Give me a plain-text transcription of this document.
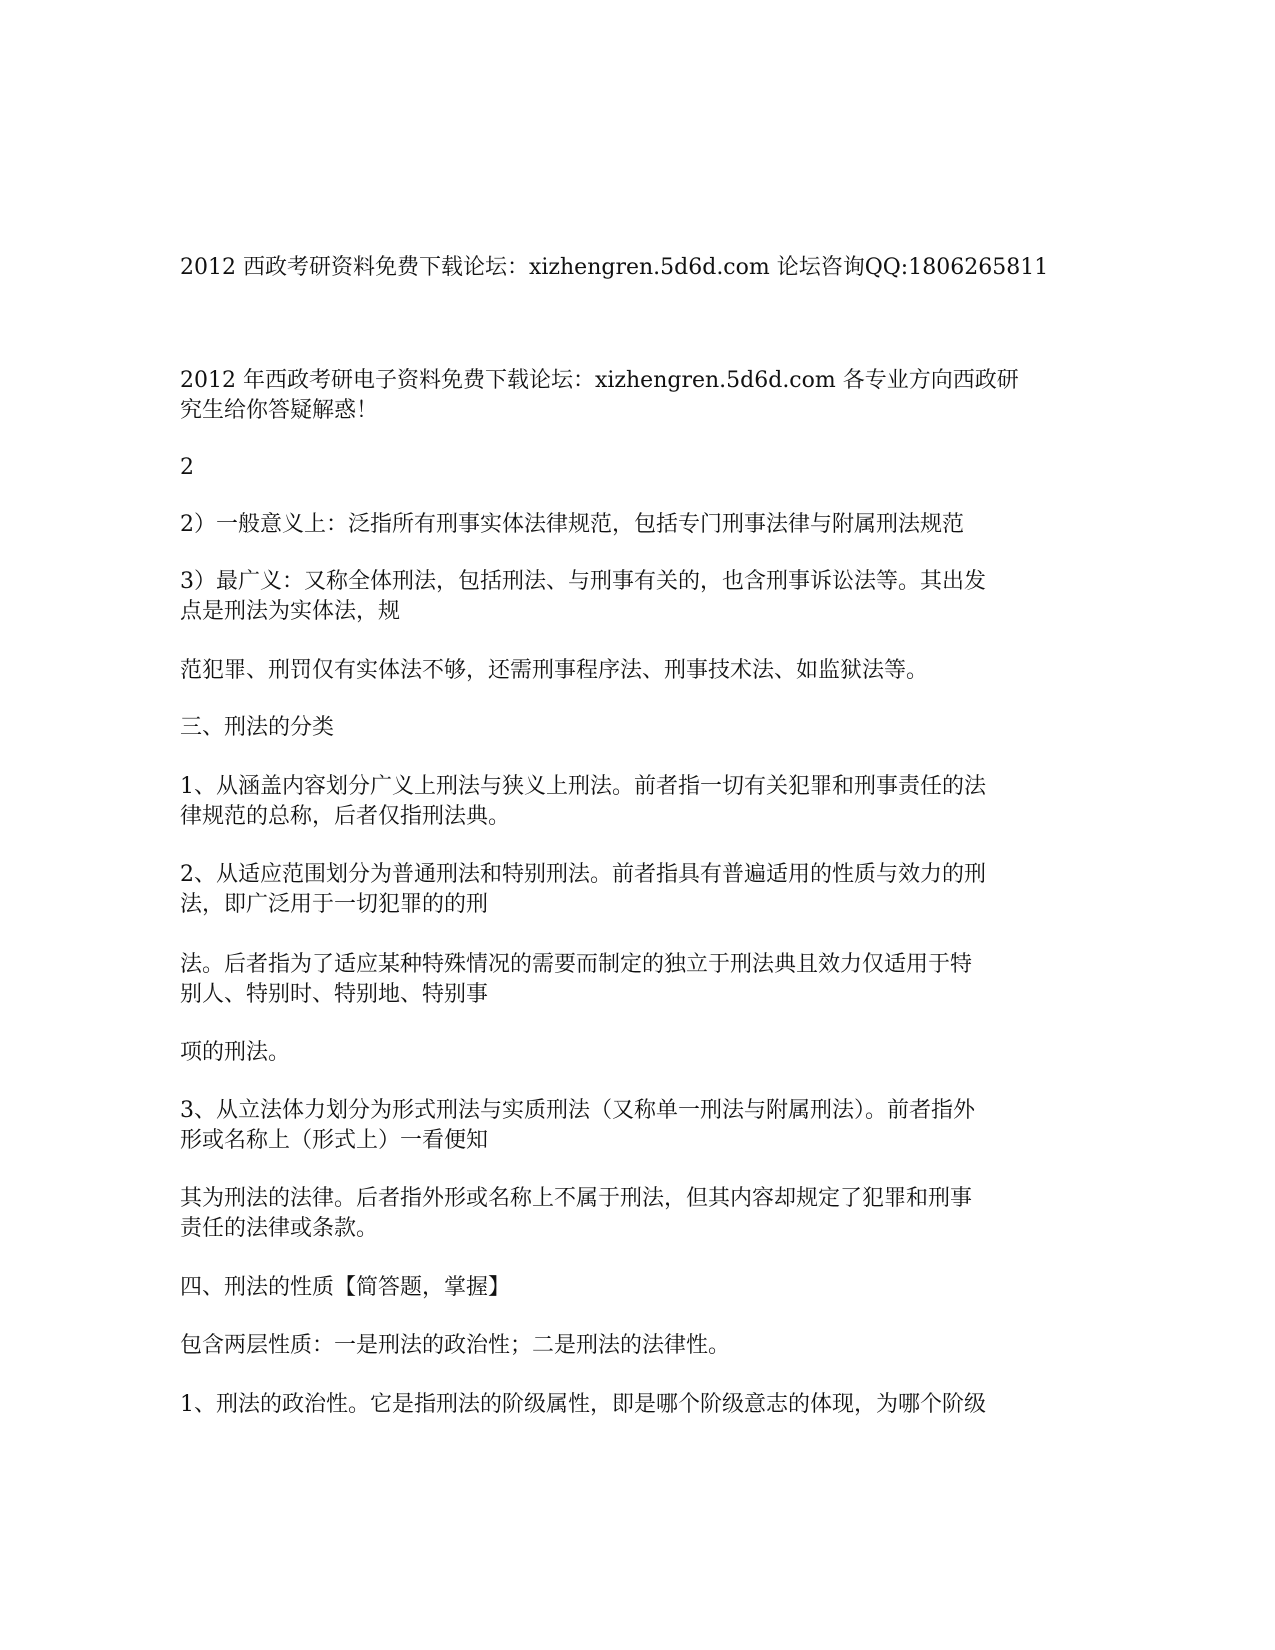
2012 西政考研资料免费下载论坛：xizhengren.5d6d.com 论坛咨询QQ:1806265811
2012 年西政考研电子资料免费下载论坛：xizhengren.5d6d.com 各专业方向西政研
究生给你答疑解惑！
2
2）一般意义上：泛指所有刑事实体法律规范，包括专门刑事法律与附属刑法规范
3）最广义：又称全体刑法，包括刑法、与刑事有关的，也含刑事诉讼法等。其出发
点是刑法为实体法，规
范犯罪、刑罚仅有实体法不够，还需刑事程序法、刑事技术法、如监狱法等。
三、刑法的分类
1、从涵盖内容划分广义上刑法与狭义上刑法。前者指一切有关犯罪和刑事责任的法
律规范的总称，后者仅指刑法典。
2、从适应范围划分为普通刑法和特别刑法。前者指具有普遍适用的性质与效力的刑
法，即广泛用于一切犯罪的的刑
法。后者指为了适应某种特殊情况的需要而制定的独立于刑法典且效力仅适用于特
别人、特别时、特别地、特别事
项的刑法。
3、从立法体力划分为形式刑法与实质刑法（又称单一刑法与附属刑法）。前者指外
形或名称上（形式上）一看便知
其为刑法的法律。后者指外形或名称上不属于刑法，但其内容却规定了犯罪和刑事
责任的法律或条款。
四、刑法的性质【简答题，掌握】
包含两层性质：一是刑法的政治性；二是刑法的法律性。
1、刑法的政治性。它是指刑法的阶级属性，即是哪个阶级意志的体现，为哪个阶级
